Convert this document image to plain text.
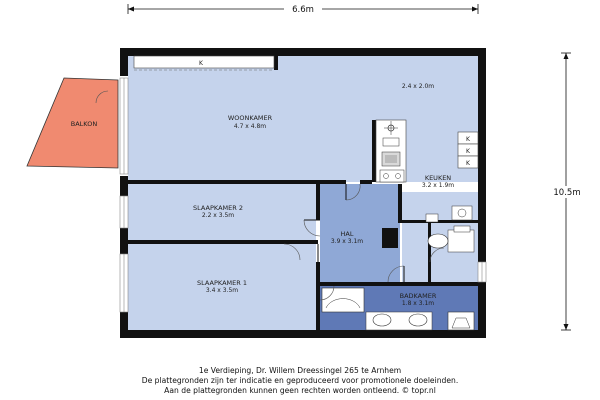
6.6m
10.5m
K
K
K
K
WOONKAMER
4.7 x 4.8m
2.4 x 2.0m
KEUKEN
3.2 x 1.9m
SLAAPKAMER 2
2.2 x 3.5m
HAL
3.9 x 3.1m
SLAAPKAMER 1
3.4 x 3.5m
BADKAMER
1.8 x 3.1m
BALKON
1e Verdieping, Dr. Willem Dreessingel 265 te Arnhem
De plattegronden zijn ter indicatie en geproduceerd voor promotionele doeleinden.
Aan de plattegronden kunnen geen rechten worden ontleend. © topr.nl
